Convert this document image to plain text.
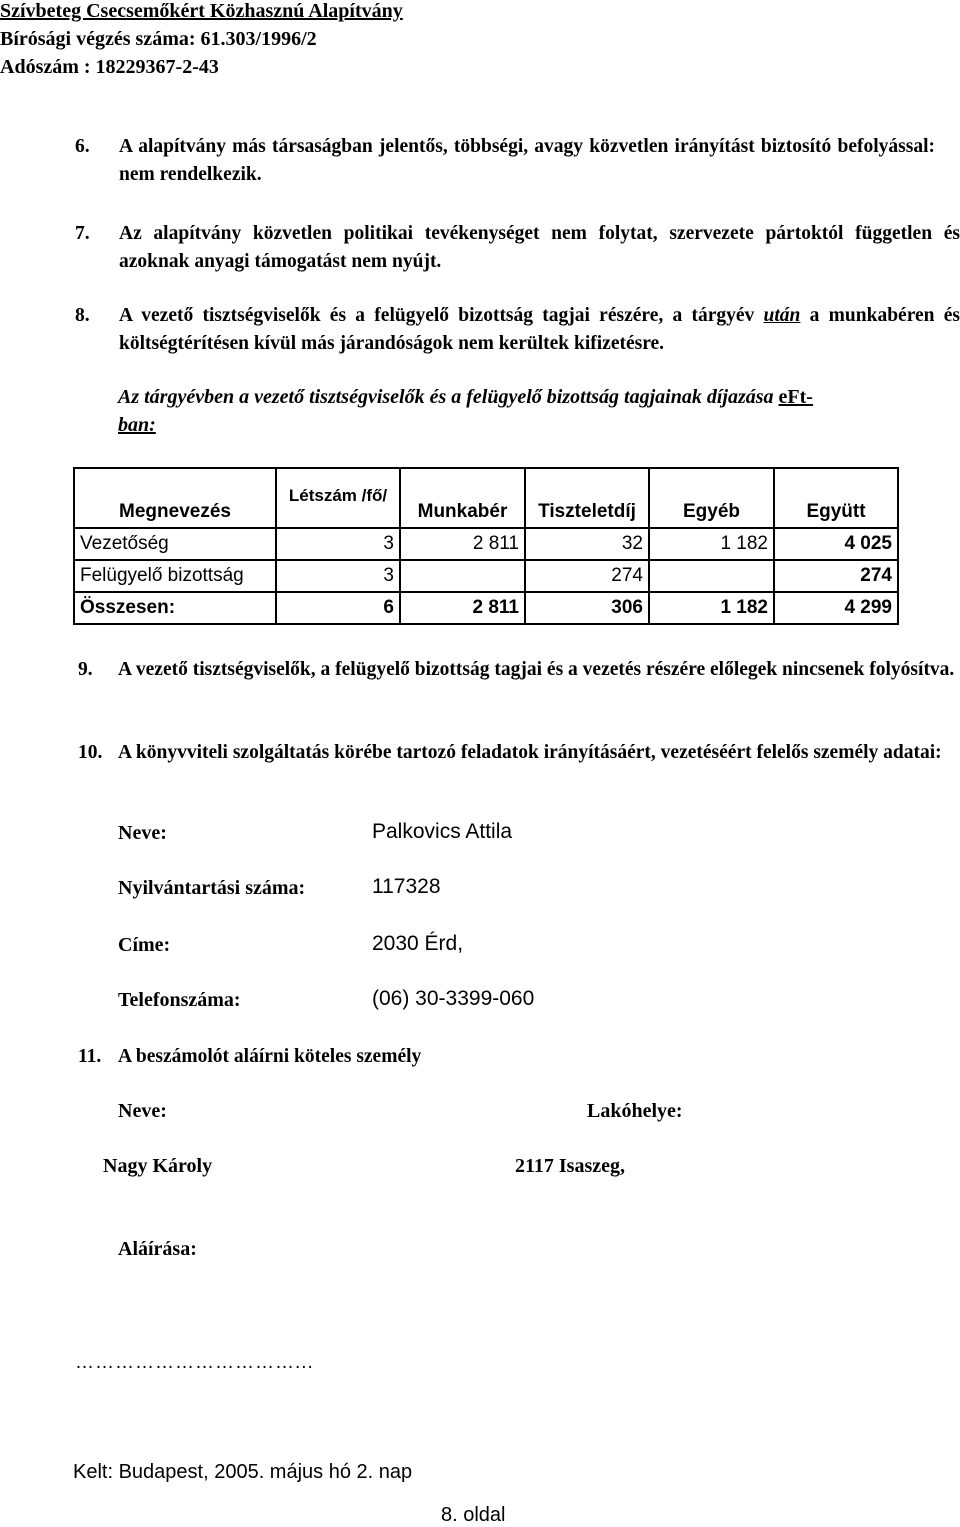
Szívbeteg Csecsemőkért Közhasznú Alapítvány
Bírósági végzés száma: 61.303/1996/2
Adószám : 18229367-2-43
6. A alapítvány más társaságban jelentős, többségi, avagy közvetlen irányítást biztosító befolyással: nem rendelkezik.

7. Az alapítvány közvetlen politikai tevékenységet nem folytat, szervezete pártoktól független és azoknak anyagi támogatást nem nyújt.

8. A vezető tisztségviselők és a felügyelő bizottság tagjai részére, a tárgyév után a munkabéren és költségtérítésen kívül más járandóságok nem kerültek kifizetésre.

Az tárgyévben a vezető tisztségviselők és a felügyelő bizottság tagjainak díjazása eFt-
ban:
Megnevezés	Létszám /fő/	Munkabér	Tiszteletdíj	Egyéb	Együtt
Vezetőség	3	2 811	32	1 182	4 025
Felügyelő bizottság	3		274		274
Összesen:	6	2 811	306	1 182	4 299
9. A vezető tisztségviselők, a felügyelő bizottság tagjai és a vezetés részére előlegek nincsenek folyósítva.

10. A könyvviteli szolgáltatás körébe tartozó feladatok irányításáért, vezetéséért felelős személy adatai:

Neve:	Palkovics Attila
Nyilvántartási száma:	117328
Címe:	2030 Érd,
Telefonszáma:	(06) 30-3399-060
11. A beszámolót aláírni köteles személy

Neve:	Lakóhelye:
Nagy Károly	2117 Isaszeg,
Aláírása:
……………………………...
Kelt: Budapest, 2005. május hó 2. nap
8. oldal
